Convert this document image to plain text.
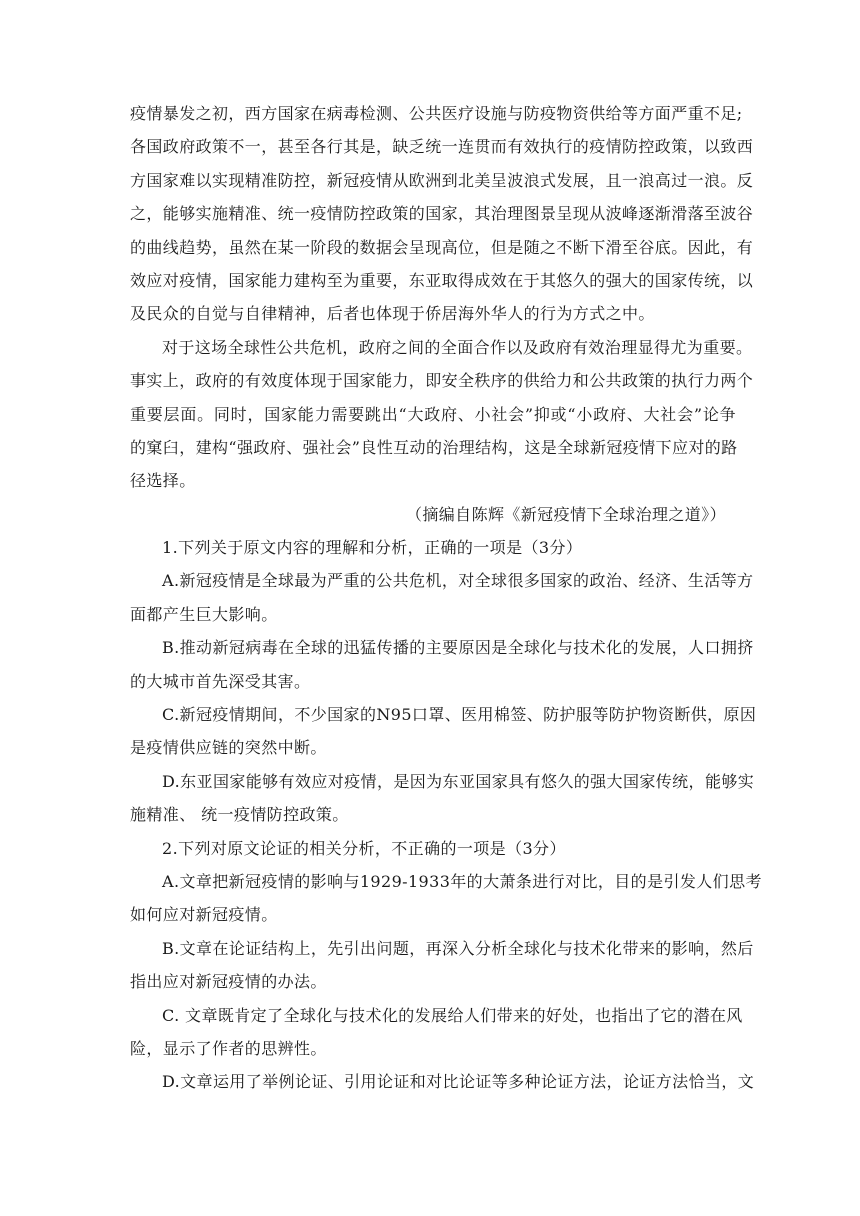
疫情暴发之初，西方国家在病毒检测、公共医疗设施与防疫物资供给等方面严重不足;

各国政府政策不一，甚至各行其是，缺乏统一连贯而有效执行的疫情防控政策，以致西

方国家难以实现精准防控，新冠疫情从欧洲到北美呈波浪式发展，且一浪高过一浪。反

之，能够实施精准、统一疫情防控政策的国家，其治理图景呈现从波峰逐渐滑落至波谷

的曲线趋势，虽然在某一阶段的数据会呈现高位，但是随之不断下滑至谷底。因此，有

效应对疫情，国家能力建构至为重要，东亚取得成效在于其悠久的强大的国家传统，以

及民众的自觉与自律精神，后者也体现于侨居海外华人的行为方式之中。

对于这场全球性公共危机，政府之间的全面合作以及政府有效治理显得尤为重要。

事实上，政府的有效度体现于国家能力，即安全秩序的供给力和公共政策的执行力两个

重要层面。同时，国家能力需要跳出“大政府、小社会”抑或“小政府、大社会”论争

的窠臼，建构“强政府、强社会”良性互动的治理结构，这是全球新冠疫情下应对的路

径选择。

（摘编自陈辉《新冠疫情下全球治理之道》）

1.下列关于原文内容的理解和分析，正确的一项是（3分）

A.新冠疫情是全球最为严重的公共危机，对全球很多国家的政治、经济、生活等方

面都产生巨大影响。

B.推动新冠病毒在全球的迅猛传播的主要原因是全球化与技术化的发展，人口拥挤

的大城市首先深受其害。

C.新冠疫情期间，不少国家的N95口罩、医用棉签、防护服等防护物资断供，原因

是疫情供应链的突然中断。

D.东亚国家能够有效应对疫情，是因为东亚国家具有悠久的强大国家传统，能够实

施精准、 统一疫情防控政策。

2.下列对原文论证的相关分析，不正确的一项是（3分）

A.文章把新冠疫情的影响与1929-1933年的大萧条进行对比，目的是引发人们思考

如何应对新冠疫情。

B.文章在论证结构上，先引出问题，再深入分析全球化与技术化带来的影响，然后

指出应对新冠疫情的办法。

C. 文章既肯定了全球化与技术化的发展给人们带来的好处，也指出了它的潜在风

险，显示了作者的思辨性。

D.文章运用了举例论证、引用论证和对比论证等多种论证方法，论证方法恰当，文
